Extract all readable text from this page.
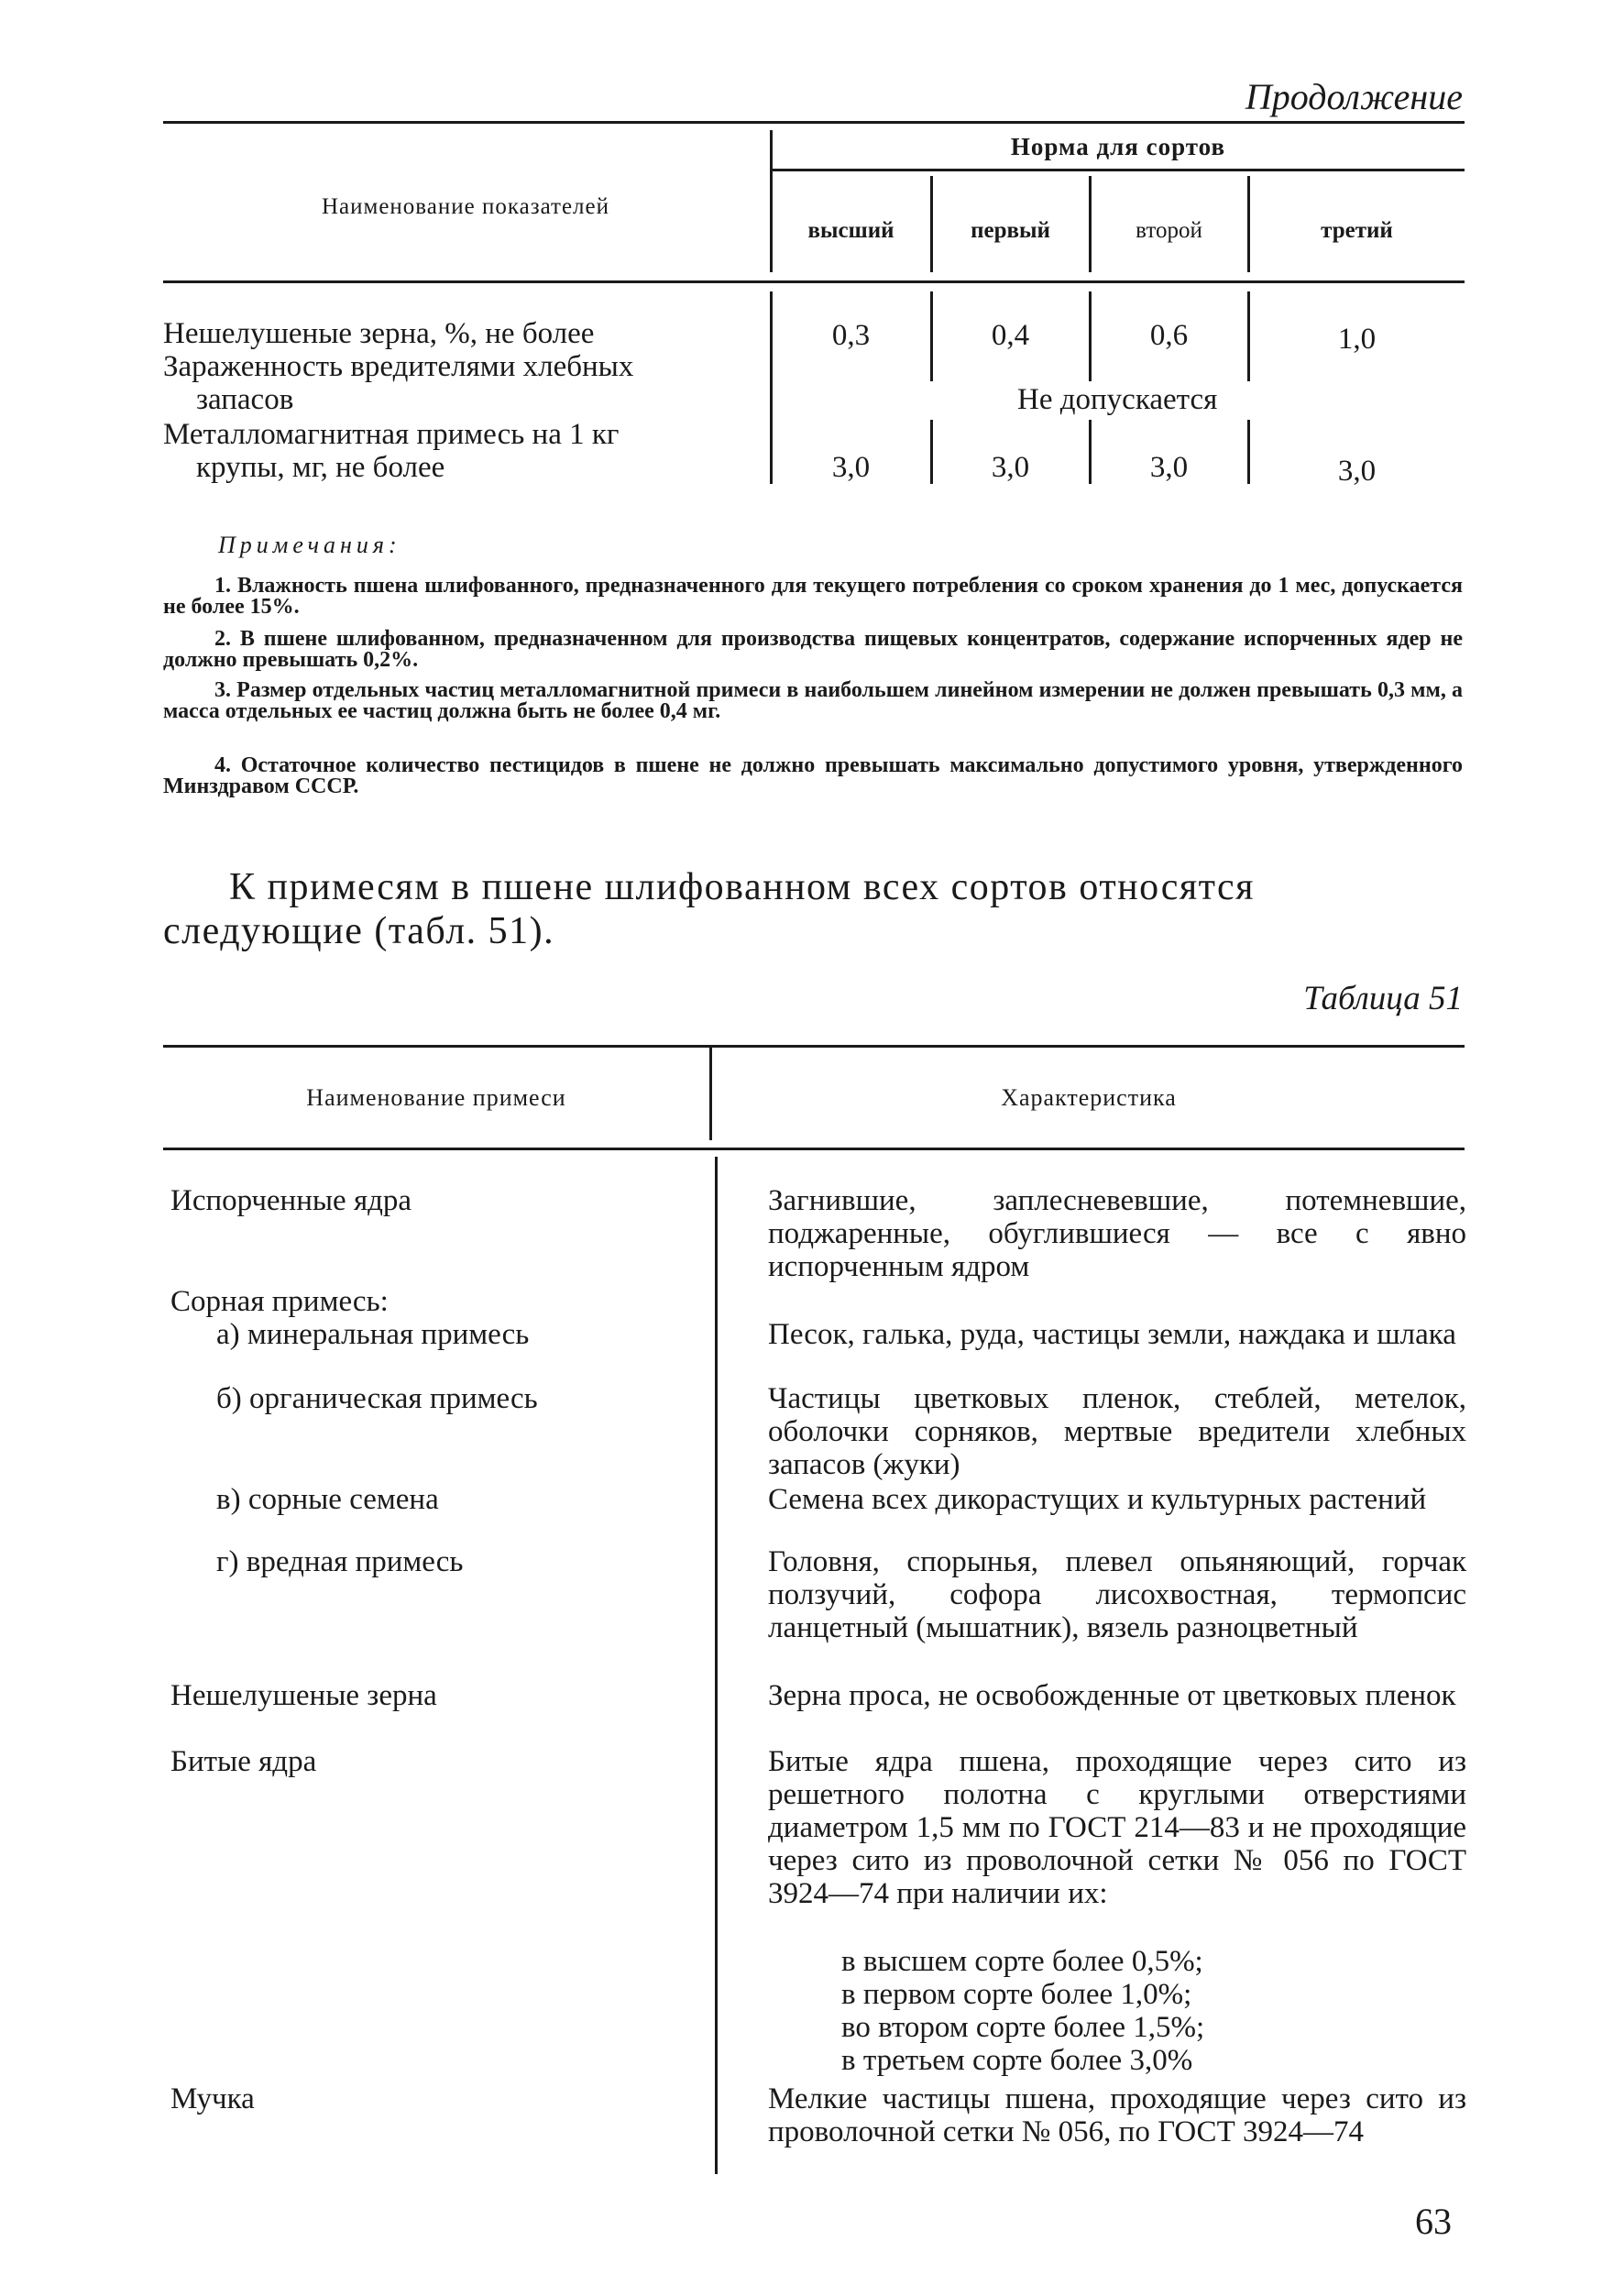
Продолжение
Наименование показателей
Норма для сортов
высший	первый	второй	третий
Нешелушеные зерна, %, не более	0,3	0,4	0,6	1,0
Зараженность вредителями хлебных
запасов	Не допускается
Металломагнитная примесь на 1 кг
крупы, мг, не более	3,0	3,0	3,0	3,0
Примечания:
1. Влажность пшена шлифованного, предназначенного для текущего потребления со сроком хранения до 1 мес, допускается не более 15%.
2. В пшене шлифованном, предназначенном для производства пищевых концентратов, содержание испорченных ядер не должно превышать 0,2%.
3. Размер отдельных частиц металломагнитной примеси в наибольшем линейном измерении не должен превышать 0,3 мм, а масса отдельных ее частиц должна быть не более 0,4 мг.
4. Остаточное количество пестицидов в пшене не должно превышать максимально допустимого уровня, утвержденного Минздравом СССР.
К примесям в пшене шлифованном всех сортов относятся следующие (табл. 51).
Таблица 51
Наименование примеси	Характеристика
Испорченные ядра	Загнившие, заплесневевшие, потемневшие, поджаренные, обуглившиеся — все с явно испорченным ядром
Сорная примесь:
а) минеральная примесь	Песок, галька, руда, частицы земли, наждака и шлака
б) органическая примесь	Частицы цветковых пленок, стеблей, метелок, оболочки сорняков, мертвые вредители хлебных запасов (жуки)
в) сорные семена	Семена всех дикорастущих и культурных растений
г) вредная примесь	Головня, спорынья, плевел опьяняющий, горчак ползучий, софора лисохвостная, термопсис ланцетный (мышатник), вязель разноцветный
Нешелушеные зерна	Зерна проса, не освобожденные от цветковых пленок
Битые ядра	Битые ядра пшена, проходящие через сито из решетного полотна с круглыми отверстиями диаметром 1,5 мм по ГОСТ 214—83 и не проходящие через сито из проволочной сетки № 056 по ГОСТ 3924—74 при наличии их:
в высшем сорте более 0,5%;
в первом сорте более 1,0%;
во втором сорте более 1,5%;
в третьем сорте более 3,0%
Мучка	Мелкие частицы пшена, проходящие через сито из проволочной сетки № 056, по ГОСТ 3924—74
63
